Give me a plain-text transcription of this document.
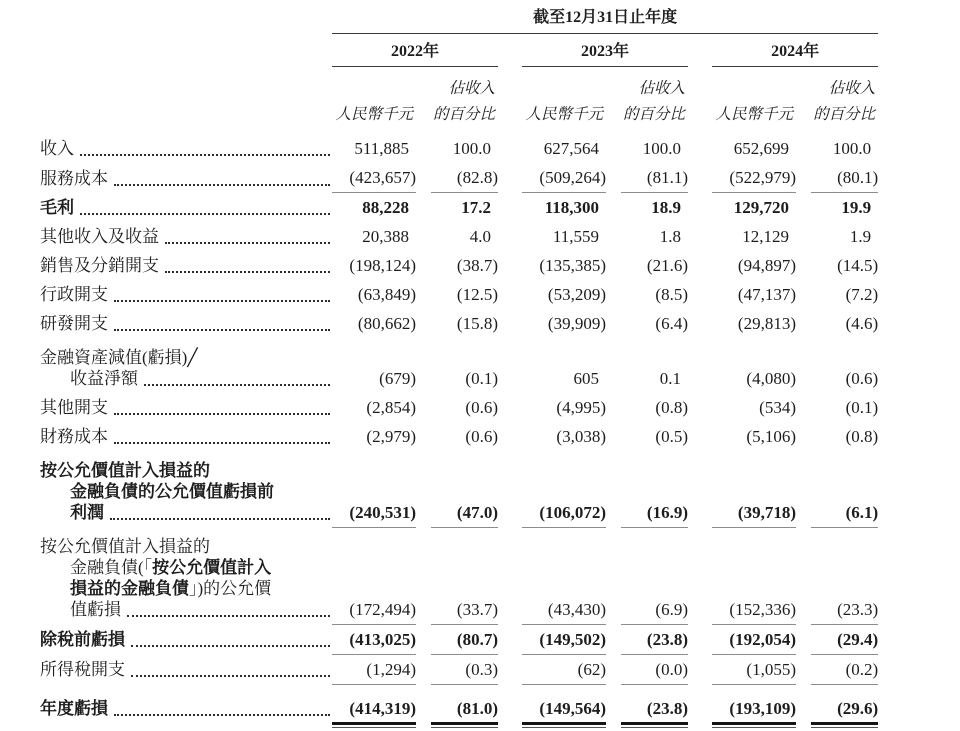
	截至12月31日止年度										
	2022年				2023年				2024年		
	人民幣千元		
佔收入
的百分比		人民幣千元		
佔收入
的百分比		人民幣千元		
佔收入
的百分比

收入	511,885		100.0		627,564		100.0		652,699		100.0

服務成本	(423,657)		(82.8)		(509,264)		(81.1)		(522,979)		(80.1)

毛利	88,228		17.2		118,300		18.9		129,720		19.9

其他收入及收益	20,388		4.0		11,559		1.8		12,129		1.9

銷售及分銷開支	(198,124)		(38.7)		(135,385)		(21.6)		(94,897)		(14.5)

行政開支	(63,849)		(12.5)		(53,209)		(8.5)		(47,137)		(7.2)

研發開支	(80,662)		(15.8)		(39,909)		(6.4)		(29,813)		(4.6)

金融資產減值(虧損)╱
收益淨額	(679)		(0.1)		605		0.1		(4,080)		(0.6)

其他開支	(2,854)		(0.6)		(4,995)		(0.8)		(534)		(0.1)

財務成本	(2,979)		(0.6)		(3,038)		(0.5)		(5,106)		(0.8)

按公允價值計入損益的
金融負債的公允價值虧損前
利潤	(240,531)		(47.0)		(106,072)		(16.9)		(39,718)		(6.1)

按公允價值計入損益的
金融負債(「按公允價值計入
損益的金融負債」)的公允價
值虧損	(172,494)		(33.7)		(43,430)		(6.9)		(152,336)		(23.3)

除稅前虧損	(413,025)		(80.7)		(149,502)		(23.8)		(192,054)		(29.4)

所得稅開支	(1,294)		(0.3)		(62)		(0.0)		(1,055)		(0.2)

年度虧損	(414,319)		(81.0)		(149,564)		(23.8)		(193,109)		(29.6)
